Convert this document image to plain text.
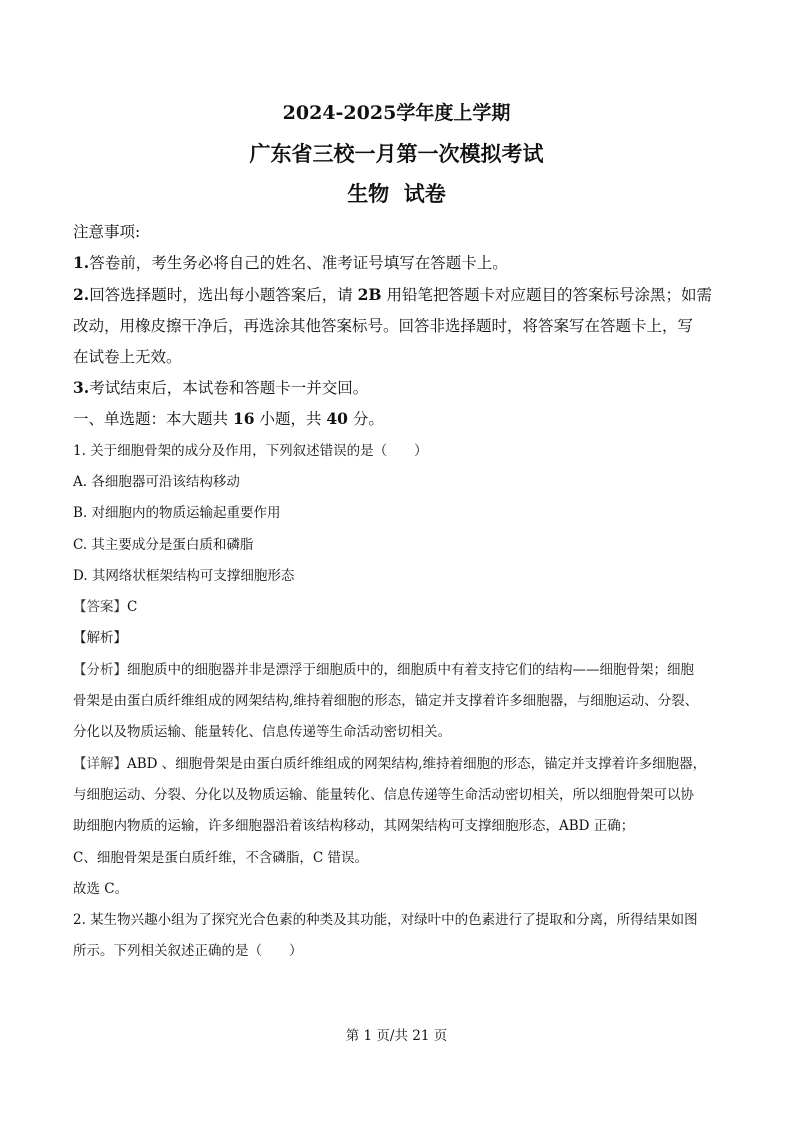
2024-2025学年度上学期
广东省三校一月第一次模拟考试
生物  试卷
注意事项:
1.答卷前，考生务必将自己的姓名、准考证号填写在答题卡上。
2.回答选择题时，选出每小题答案后，请 2B 用铅笔把答题卡对应题目的答案标号涂黑；如需
改动，用橡皮擦干净后，再选涂其他答案标号。回答非选择题时，将答案写在答题卡上，写
在试卷上无效。
3.考试结束后，本试卷和答题卡一并交回。
一、单选题：本大题共 16 小题，共 40 分。
1. 关于细胞骨架的成分及作用，下列叙述错误的是（　　）
A. 各细胞器可沿该结构移动
B. 对细胞内的物质运输起重要作用
C. 其主要成分是蛋白质和磷脂
D. 其网络状框架结构可支撑细胞形态
【答案】C
【解析】
【分析】细胞质中的细胞器并非是漂浮于细胞质中的，细胞质中有着支持它们的结构——细胞骨架；细胞
骨架是由蛋白质纤维组成的网架结构,维持着细胞的形态，锚定并支撑着许多细胞器，与细胞运动、分裂、
分化以及物质运输、能量转化、信息传递等生命活动密切相关。
【详解】ABD 、细胞骨架是由蛋白质纤维组成的网架结构,维持着细胞的形态，锚定并支撑着许多细胞器，
与细胞运动、分裂、分化以及物质运输、能量转化、信息传递等生命活动密切相关，所以细胞骨架可以协
助细胞内物质的运输，许多细胞器沿着该结构移动，其网架结构可支撑细胞形态，ABD 正确；
C、细胞骨架是蛋白质纤维，不含磷脂，C 错误。
故选 C。
2. 某生物兴趣小组为了探究光合色素的种类及其功能，对绿叶中的色素进行了提取和分离，所得结果如图
所示。下列相关叙述正确的是（　　）
第 1 页/共 21 页
